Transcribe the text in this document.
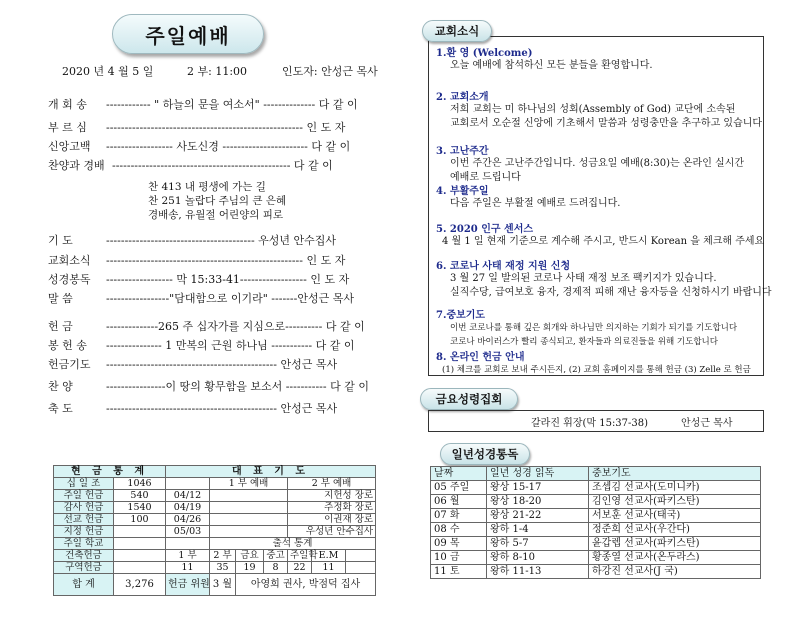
주일예배
2020 년 4 월 5 일	2 부: 11:00	인도자: 안성근 목사
개 회 송	------------ " 하늘의 문을 여소서" -------------- 다 같 이
부 르 심	----------------------------------------------------- 인 도 자
신앙고백	------------------ 사도신경 ----------------------- 다 같 이
찬양과 경배 ------------------------------------------------ 다 같 이
기 도	---------------------------------------- 우성년 안수집사
교회소식	----------------------------------------------------- 인 도 자
성경봉독	------------------ 막 15:33-41------------------ 인 도 자
말 씀	-----------------"담대함으로 이기라" -------안성근 목사
헌 금	--------------265 주 십자가를 지심으로---------- 다 같 이
봉 헌 송	--------------- 1 만복의 근원 하나님 ----------- 다 같 이
헌금기도	---------------------------------------------- 안성근 목사
찬 양	----------------이 땅의 황무함을 보소서 ----------- 다 같 이
축 도	---------------------------------------------- 안성근 목사
찬 413 내 평생에 가는 길
찬 251 놀랍다 주님의 큰 은혜
경배송, 유월절 어린양의 피로
현 금 통 계		대 표 기 도						
십 일 조	1046		1 부 예배			2 부 예배		
주일 헌금	540	04/12				지헌성 장로		
감사 헌금	1540	04/19				주정화 장로		
선교 헌금	100	04/26				이권재 장로		
지정 헌금		05/03				우성년 안수집사		
주일 학교			출석 통계					
건축헌금		1 부	2 부	금요	중고	주일학	E.M	
구역헌금		11	35	19	8	22	11	
합 계	3,276	헌금 위원	3 월	아영희 권사, 박점덕 집사				
교회소식
1.환 영 (Welcome)
오늘 예배에 참석하신 모든 분들을 환영합니다.
2. 교회소개
저희 교회는 미 하나님의 성회(Assembly of God) 교단에 소속된
교회로서 오순절 신앙에 기초해서 말씀과 성령충만을 추구하고 있습니다
3. 고난주간
이번 주간은 고난주간입니다. 성금요일 예배(8:30)는 온라인 실시간
예배로 드립니다
4. 부활주일
다음 주일은 부활절 예배로 드려집니다.
5. 2020 인구 센서스
4 월 1 일 현재 기준으로 계수해 주시고, 반드시 Korean 을 체크해 주세요
6. 코로나 사태 재정 지원 신청
3 월 27 일 발의된 코로나 사태 재정 보조 팩키지가 있습니다.
실직수당, 급여보호 융자, 경제적 피해 재난 융자등을 신청하시기 바랍니다
7.중보기도
이번 코로나를 통해 깊은 회개와 하나님만 의지하는 기회가 되기를 기도합니다
코로나 바이러스가 빨리 종식되고, 환자들과 의료진들을 위해 기도합니다
8. 온라인 헌금 안내
(1) 체크를 교회로 보내 주시든지, (2) 교회 홈페이지를 통해 헌금 (3) Zelle 로 헌금
금요성령집회
갈라진 휘장(막 15:37-38)	안성근 목사
일년성경통독
날짜	일년 성경 읽독	중보기도
05 주일	왕상 15-17	조셉김 선교사(도미니카)
06 월	왕상 18-20	김인영 선교사(파키스탄)
07 화	왕상 21-22	서보훈 선교사(태국)
08 수	왕하 1-4	정준희 선교사(우간다)
09 목	왕하 5-7	윤갑렙 선교사(파키스탄)
10 금	왕하 8-10	황종열 선교사(온두라스)
11 토	왕하 11-13	하강진 선교사(J 국)
